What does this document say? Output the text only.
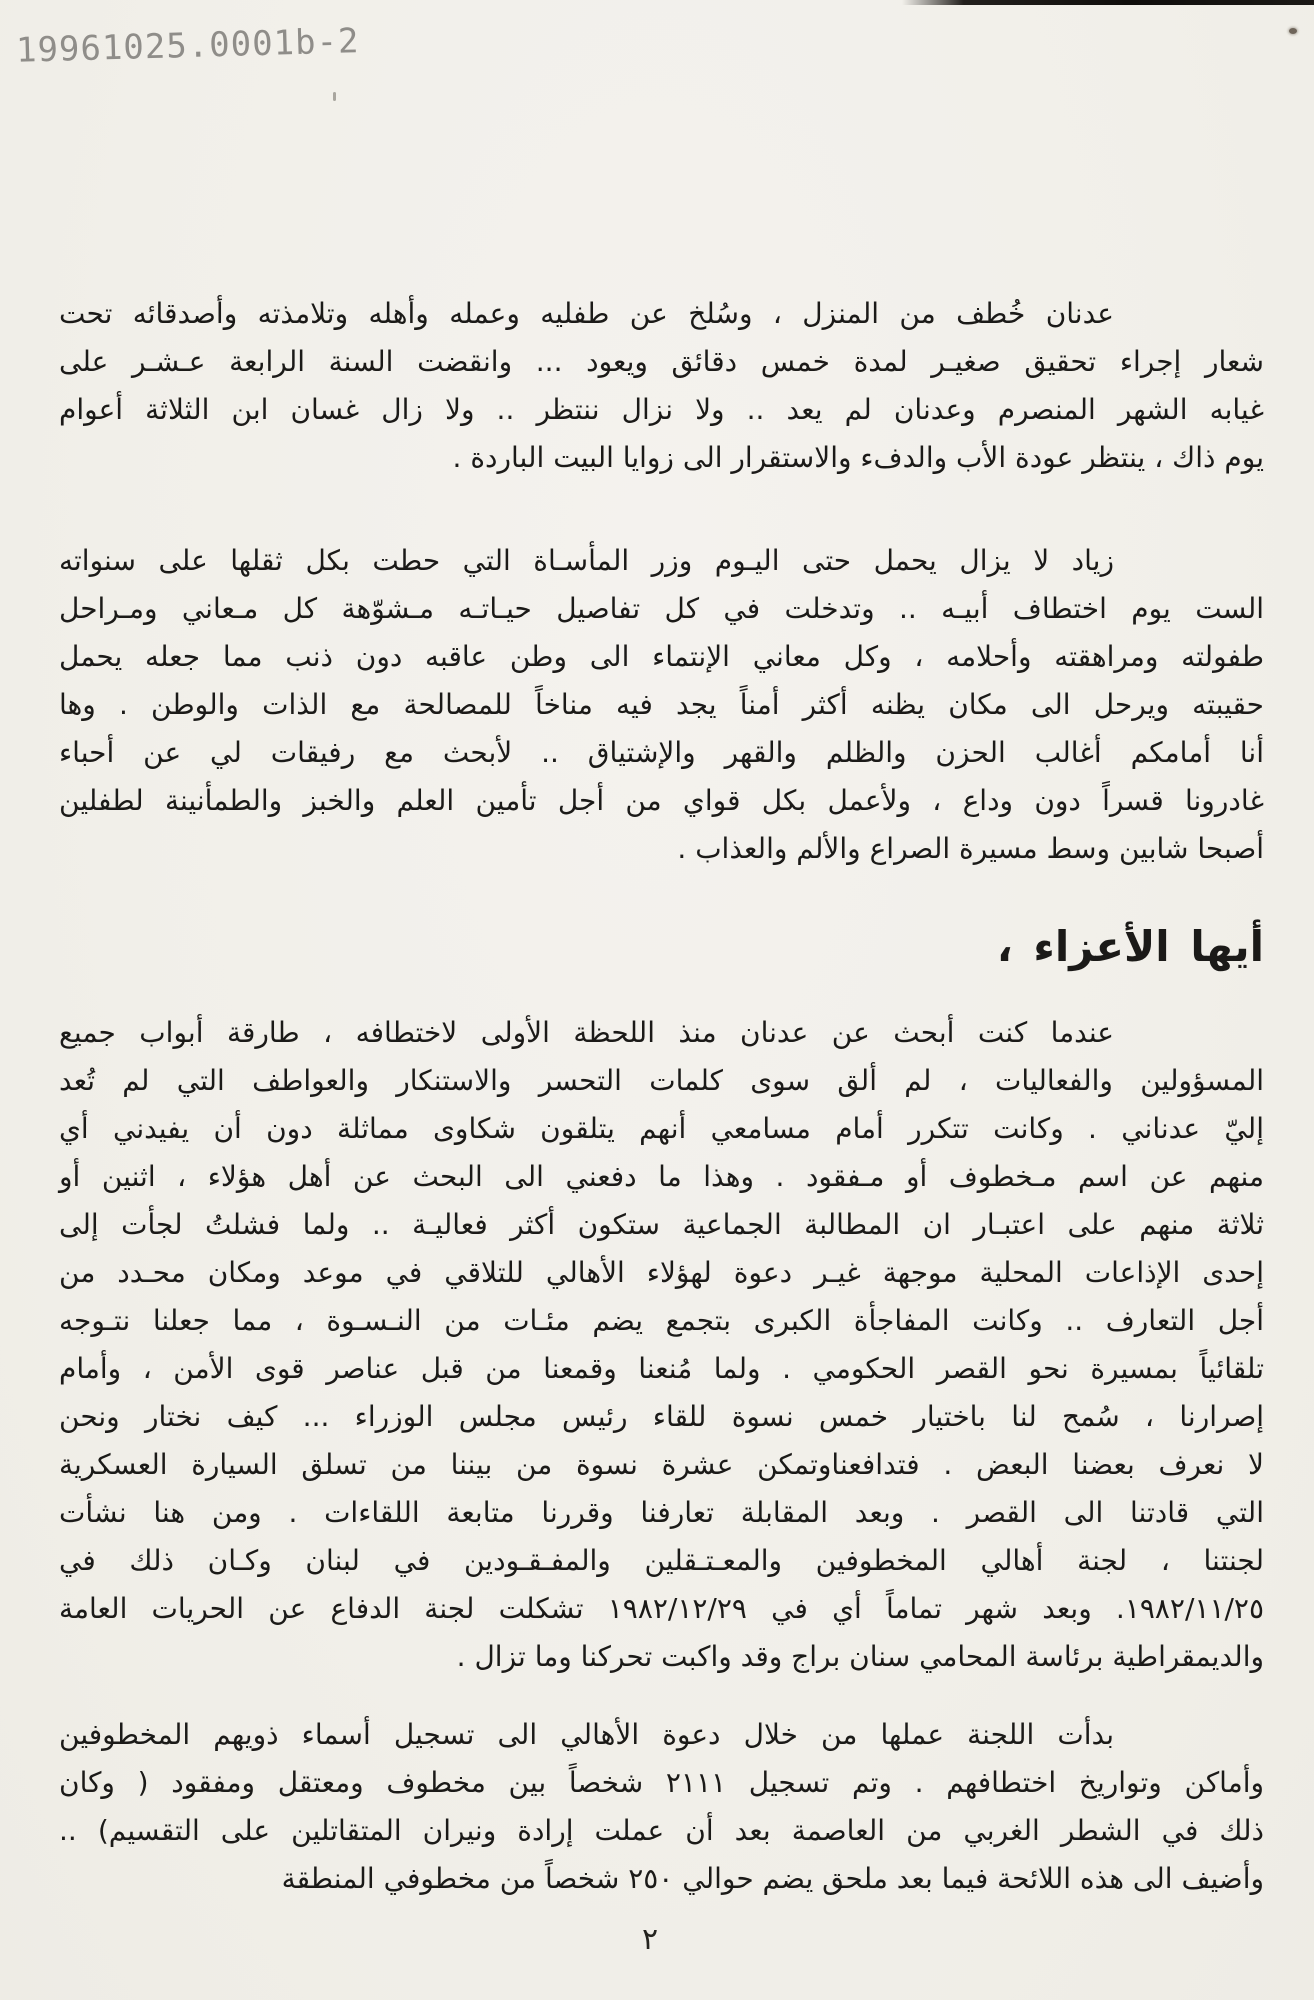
19961025.0001b-2
عدنان خُطف من المنزل ، وسُلخ عن طفليه وعمله وأهله وتلامذته وأصدقائه تحت
شعار إجراء تحقيق صغيـر لمدة خمس دقائق ويعود ... وانقضت السنة الرابعة عـشـر على
غيابه الشهر المنصرم وعدنان لم يعد .. ولا نزال ننتظر .. ولا زال غسان ابن الثلاثة أعوام
يوم ذاك ، ينتظر عودة الأب والدفء والاستقرار الى زوايا البيت الباردة .
زياد لا يزال يحمل حتى اليـوم وزر المأسـاة التي حطت بكل ثقلها على سنواته
الست يوم اختطاف أبيـه .. وتدخلت في كل تفاصيل حيـاتـه مـشوّهة كل مـعاني ومـراحل
طفولته ومراهقته وأحلامه ، وكل معاني الإنتماء الى وطن عاقبه دون ذنب مما جعله يحمل
حقيبته ويرحل الى مكان يظنه أكثر أمناً يجد فيه مناخاً للمصالحة مع الذات والوطن . وها
أنا أمامكم أغالب الحزن والظلم والقهر والإشتياق .. لأبحث مع رفيقات لي عن أحباء
غادرونا قسراً دون وداع ، ولأعمل بكل قواي من أجل تأمين العلم والخبز والطمأنينة لطفلين
أصبحا شابين وسط مسيرة الصراع والألم والعذاب .
أيها الأعزاء ،
عندما كنت أبحث عن عدنان منذ اللحظة الأولى لاختطافه ، طارقة أبواب جميع
المسؤولين والفعاليات ، لم ألق سوى كلمات التحسر والاستنكار والعواطف التي لم تُعد
إليّ عدناني . وكانت تتكرر أمام مسامعي أنهم يتلقون شكاوى مماثلة دون أن يفيدني أي
منهم عن اسم مـخطوف أو مـفقود . وهذا ما دفعني الى البحث عن أهل هؤلاء ، اثنين أو
ثلاثة منهم على اعتبـار ان المطالبة الجماعية ستكون أكثر فعاليـة .. ولما فشلتُ لجأت إلى
إحدى الإذاعات المحلية موجهة غيـر دعوة لهؤلاء الأهالي للتلاقي في موعد ومكان محـدد من
أجل التعارف .. وكانت المفاجأة الكبرى بتجمع يضم مئـات من النـسـوة ، مما جعلنا نتـوجه
تلقائياً بمسيرة نحو القصر الحكومي . ولما مُنعنا وقمعنا من قبل عناصر قوى الأمن ، وأمام
إصرارنا ، سُمح لنا باختيار خمس نسوة للقاء رئيس مجلس الوزراء ... كيف نختار ونحن
لا نعرف بعضنا البعض . فتدافعناوتمكن عشرة نسوة من بيننا من تسلق السيارة العسكرية
التي قادتنا الى القصر . وبعد المقابلة تعارفنا وقررنا متابعة اللقاءات . ومن هنا نشأت
لجنتنا ، لجنة أهالي المخطوفين والمعـتـقلين والمفـقـودين في لبنان وكـان ذلك في
١٩٨٢/١١/٢٥. وبعد شهر تماماً أي في ١٩٨٢/١٢/٢٩ تشكلت لجنة الدفاع عن الحريات العامة
والديمقراطية برئاسة المحامي سنان براج وقد واكبت تحركنا وما تزال .
بدأت اللجنة عملها من خلال دعوة الأهالي الى تسجيل أسماء ذويهم المخطوفين
وأماكن وتواريخ اختطافهم . وتم تسجيل ٢١١١ شخصاً بين مخطوف ومعتقل ومفقود ( وكان
ذلك في الشطر الغربي من العاصمة بعد أن عملت إرادة ونيران المتقاتلين على التقسيم) ..
وأضيف الى هذه اللائحة فيما بعد ملحق يضم حوالي ٢٥٠ شخصاً من مخطوفي المنطقة
٢
